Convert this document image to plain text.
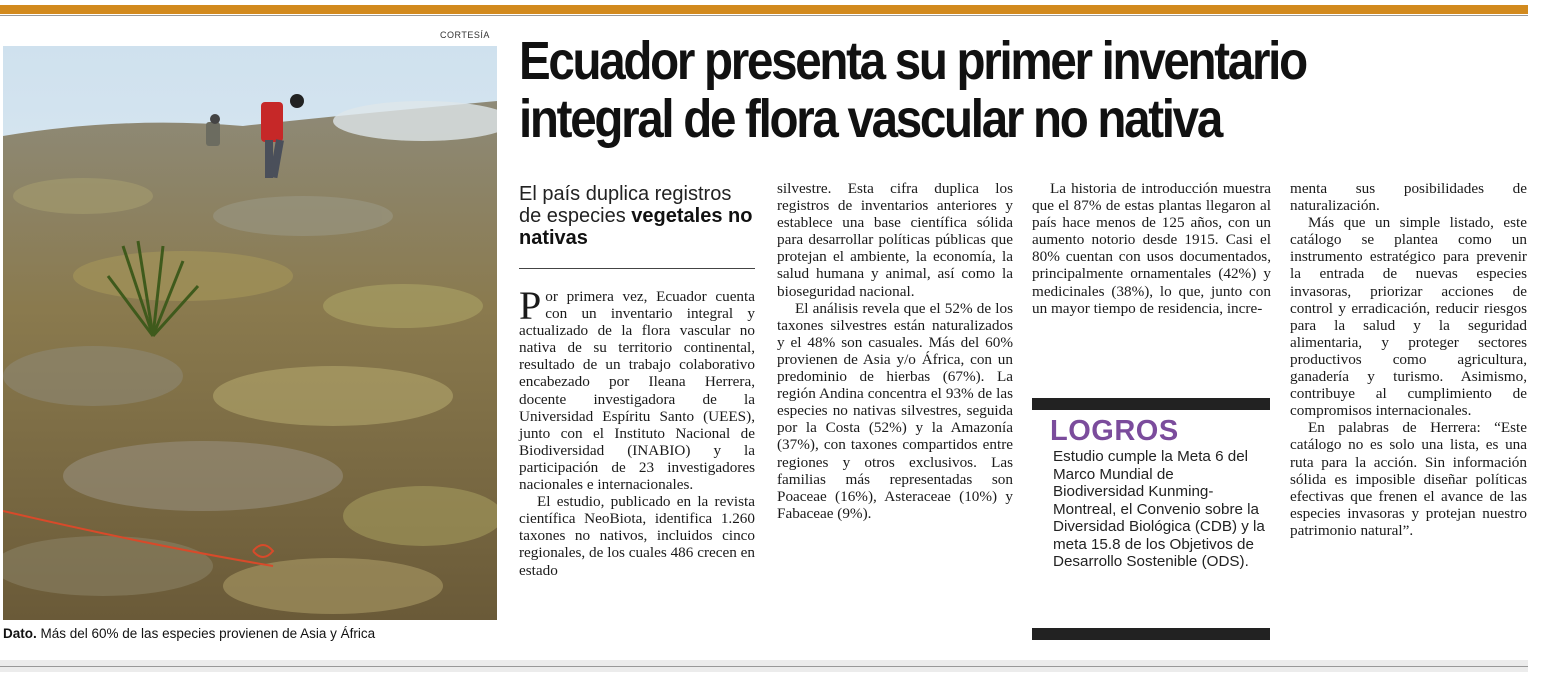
CORTESÍA
Dato. Más del 60% de las especies provienen de Asia y África
Ecuador presenta su primer inventario
integral de flora vascular no nativa
El país duplica registros de especies vegetales no nativas

Por primera vez, Ecuador cuenta con un inventario integral y actualizado de la flora vascular no nativa de su territorio continental, resultado de un trabajo colaborativo encabezado por Ileana Herrera, docente investigadora de la Universidad Espíritu Santo (UEES), junto con el Instituto Nacional de Biodiversidad (INABIO) y la participación de 23 investigadores nacionales e internacionales.

El estudio, publicado en la revista científica NeoBiota, identifica 1.260 taxones no nativos, incluidos cinco regionales, de los cuales 486 crecen en estado

silvestre. Esta cifra duplica los registros de inventarios anteriores y establece una base científica sólida para desarrollar políticas públicas que protejan el ambiente, la economía, la salud humana y animal, así como la bioseguridad nacional.

El análisis revela que el 52% de los taxones silvestres están naturalizados y el 48% son casuales. Más del 60% provienen de Asia y/o África, con un predominio de hierbas (67%). La región Andina concentra el 93% de las especies no nativas silvestres, seguida por la Costa (52%) y la Amazonía (37%), con taxones compartidos entre regiones y otros exclusivos. Las familias más representadas son Poaceae (16%), Asteraceae (10%) y Fabaceae (9%).

La historia de introducción muestra que el 87% de estas plantas llegaron al país hace menos de 125 años, con un aumento notorio desde 1915. Casi el 80% cuentan con usos documentados, principalmente ornamentales (42%) y medicinales (38%), lo que, junto con un mayor tiempo de residencia, incre-

LOGROS
Estudio cumple la Meta 6 del Marco Mundial de Biodiversidad Kunming-Montreal, el Convenio sobre la Diversidad Biológica (CDB) y la meta 15.8 de los Objetivos de Desarrollo Sostenible (ODS).

menta sus posibilidades de naturalización.

Más que un simple listado, este catálogo se plantea como un instrumento estratégico para prevenir la entrada de nuevas especies invasoras, priorizar acciones de control y erradicación, reducir riesgos para la salud y la seguridad alimentaria, y proteger sectores productivos como agricultura, ganadería y turismo. Asimismo, contribuye al cumplimiento de compromisos internacionales.

En palabras de Herrera: “Este catálogo no es solo una lista, es una ruta para la acción. Sin información sólida es imposible diseñar políticas efectivas que frenen el avance de las especies invasoras y protejan nuestro patrimonio natural”.
